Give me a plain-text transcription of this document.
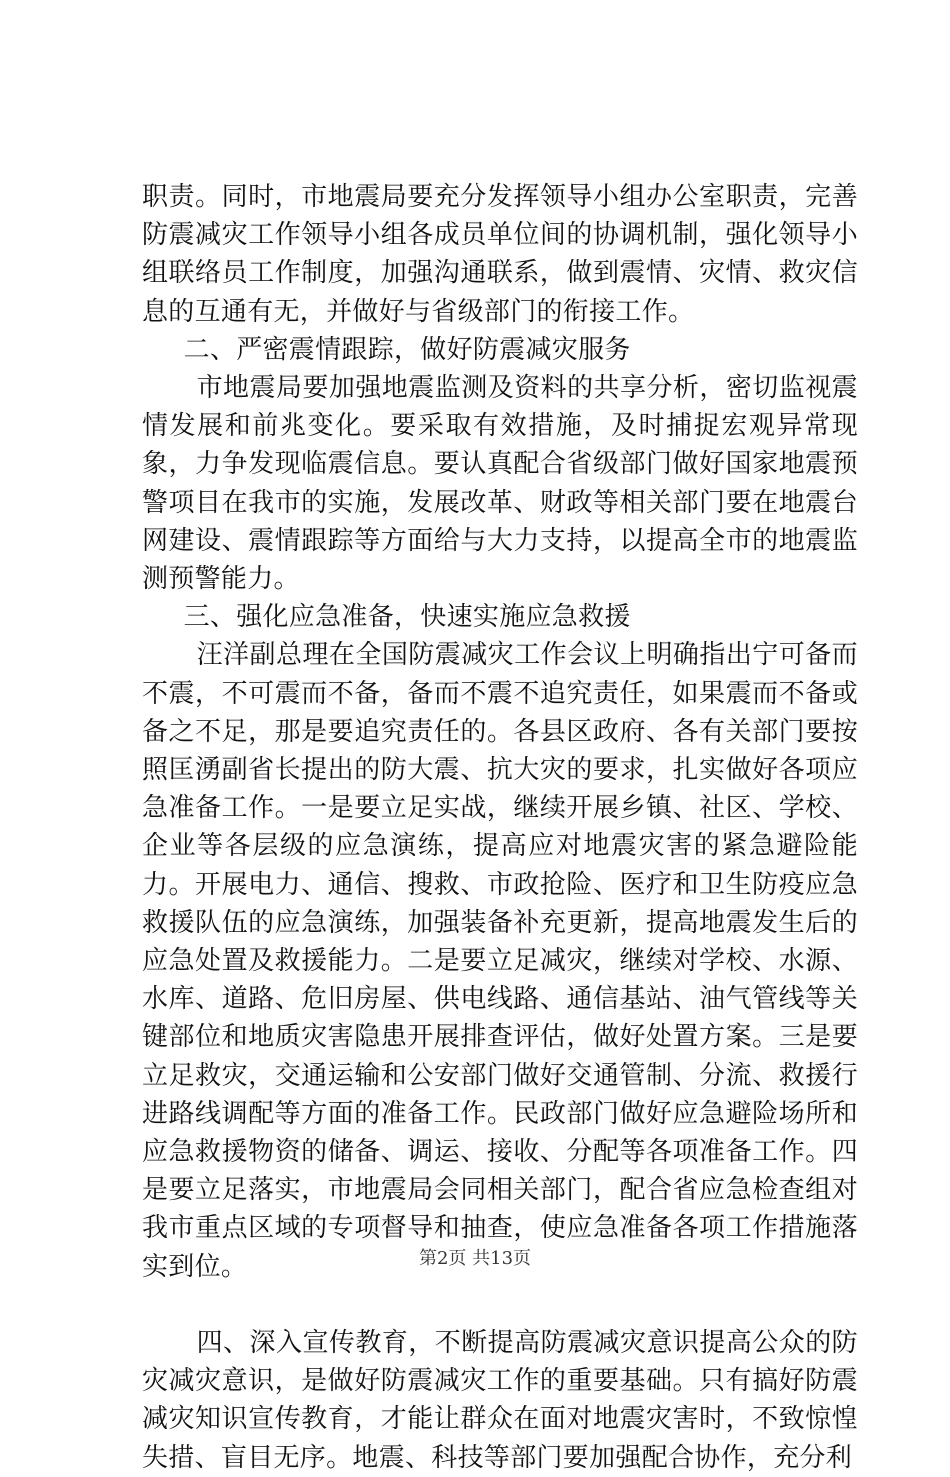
职责。同时，市地震局要充分发挥领导小组办公室职责，完善防震减灾工作领导小组各成员单位间的协调机制，强化领导小组联络员工作制度，加强沟通联系，做到震情、灾情、救灾信息的互通有无，并做好与省级部门的衔接工作。

二、严密震情跟踪，做好防震减灾服务

市地震局要加强地震监测及资料的共享分析，密切监视震情发展和前兆变化。要采取有效措施，及时捕捉宏观异常现象，力争发现临震信息。要认真配合省级部门做好国家地震预警项目在我市的实施，发展改革、财政等相关部门要在地震台网建设、震情跟踪等方面给与大力支持，以提高全市的地震监测预警能力。

三、强化应急准备，快速实施应急救援

汪洋副总理在全国防震减灾工作会议上明确指出宁可备而不震，不可震而不备，备而不震不追究责任，如果震而不备或备之不足，那是要追究责任的。各县区政府、各有关部门要按照匡湧副省长提出的防大震、抗大灾的要求，扎实做好各项应急准备工作。一是要立足实战，继续开展乡镇、社区、学校、企业等各层级的应急演练，提高应对地震灾害的紧急避险能力。开展电力、通信、搜救、市政抢险、医疗和卫生防疫应急救援队伍的应急演练，加强装备补充更新，提高地震发生后的应急处置及救援能力。二是要立足减灾，继续对学校、水源、水库、道路、危旧房屋、供电线路、通信基站、油气管线等关键部位和地质灾害隐患开展排查评估，做好处置方案。三是要立足救灾，交通运输和公安部门做好交通管制、分流、救援行进路线调配等方面的准备工作。民政部门做好应急避险场所和应急救援物资的储备、调运、接收、分配等各项准备工作。四是要立足落实，市地震局会同相关部门，配合省应急检查组对我市重点区域的专项督导和抽查，使应急准备各项工作措施落实到位。

四、深入宣传教育，不断提高防震减灾意识提高公众的防灾减灾意识，是做好防震减灾工作的重要基础。只有搞好防震减灾知识宣传教育，才能让群众在面对地震灾害时，不致惊惶失措、盲目无序。地震、科技等部门要加强配合协作，充分利

第2页 共13页
